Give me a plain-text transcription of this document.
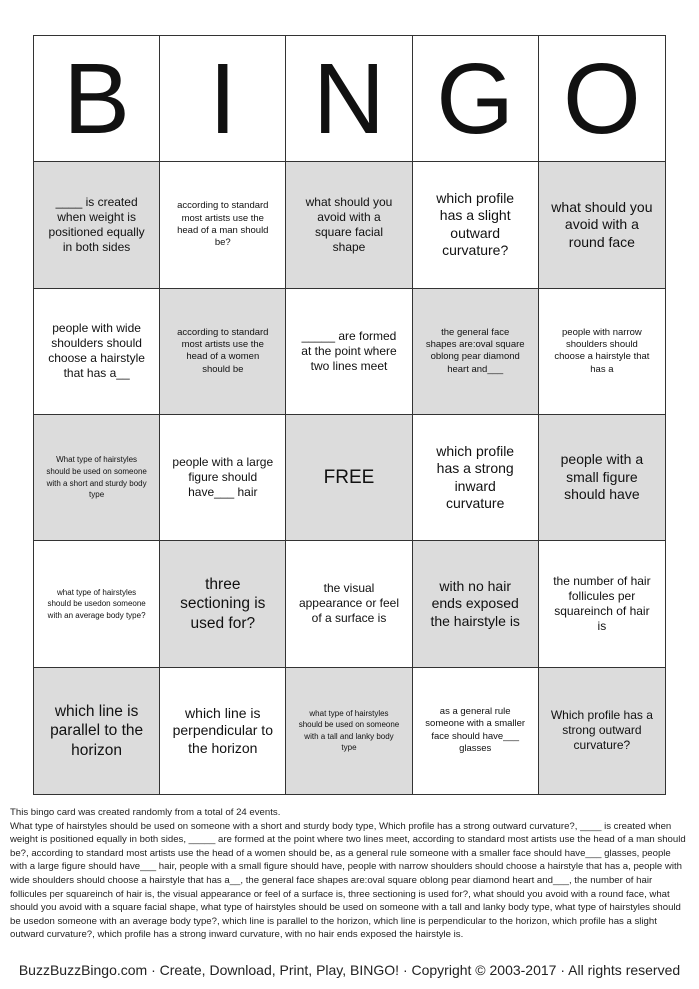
B I N G O
____ is created when weight is positioned equally in both sides
according to standard most artists use the head of a man should be?
what should you avoid with a square facial shape
which profile has a slight outward curvature?
what should you avoid with a round face
people with wide shoulders should choose a hairstyle that has a__
according to standard most artists use the head of a women should be
_____ are formed at the point where two lines meet
the general face shapes are:oval square oblong pear diamond heart and___
people with narrow shoulders should choose a hairstyle that has a
What type of hairstyles should be used on someone with a short and sturdy body type
people with a large figure should have___ hair
FREE
which profile has a strong inward curvature
people with a small figure should have
what type of hairstyles should be usedon someone with an average body type?
three sectioning is used for?
the visual appearance or feel of a surface is
with no hair ends exposed the hairstyle is
the number of hair follicules per squareinch of hair is
which line is parallel to the horizon
which line is perpendicular to the horizon
what type of hairstyles should be used on someone with a tall and lanky body type
as a general rule someone with a smaller face should have___ glasses
Which profile has a strong outward curvature?

This bingo card was created randomly from a total of 24 events.

What type of hairstyles should be used on someone with a short and sturdy body type, Which profile has a strong outward curvature?, ____ is created when weight is positioned equally in both sides, _____ are formed at the point where two lines meet, according to standard most artists use the head of a man should be?, according to standard most artists use the head of a women should be, as a general rule someone with a smaller face should have___ glasses, people with a large figure should have___ hair, people with a small figure should have, people with narrow shoulders should choose a hairstyle that has a, people with wide shoulders should choose a hairstyle that has a__, the general face shapes are:oval square oblong pear diamond heart and___, the number of hair follicules per squareinch of hair is, the visual appearance or feel of a surface is, three sectioning is used for?, what should you avoid with a round face, what should you avoid with a square facial shape, what type of hairstyles should be used on someone with a tall and lanky body type, what type of hairstyles should be usedon someone with an average body type?, which line is parallel to the horizon, which line is perpendicular to the horizon, which profile has a slight outward curvature?, which profile has a strong inward curvature, with no hair ends exposed the hairstyle is.

BuzzBuzzBingo.com · Create, Download, Print, Play, BINGO! · Copyright © 2003-2017 · All rights reserved
